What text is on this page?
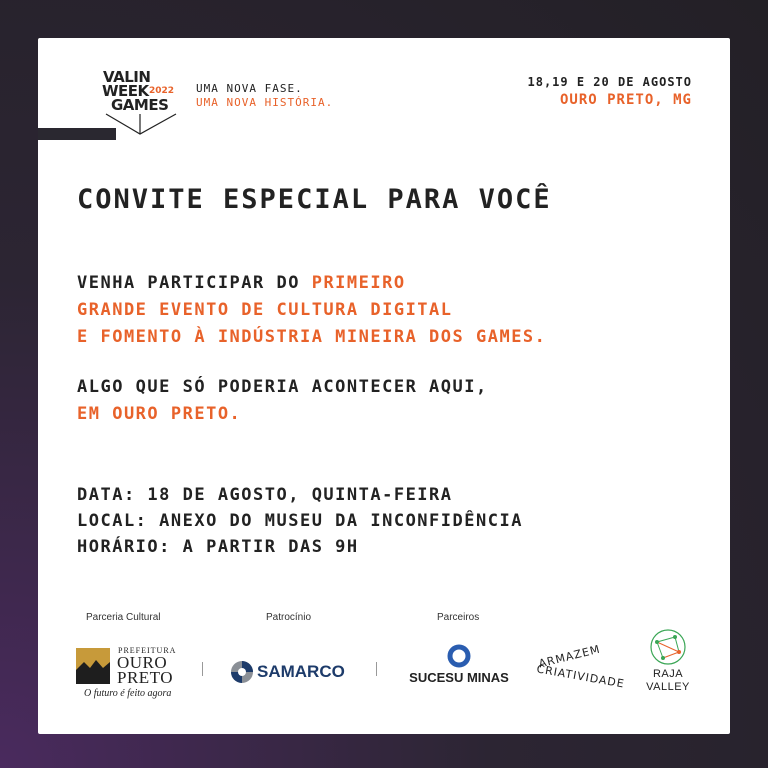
VALIN
WEEK
GAMES
2022 UMA NOVA FASE.
UMA NOVA HISTÓRIA.
18,19 E 20 DE AGOSTO
OURO PRETO, MG
CONVITE ESPECIAL PARA VOCÊ
VENHA PARTICIPAR DO PRIMEIRO
GRANDE EVENTO DE CULTURA DIGITAL
E FOMENTO À INDÚSTRIA MINEIRA DOS GAMES.
ALGO QUE SÓ PODERIA ACONTECER AQUI,
EM OURO PRETO.
DATA: 18 DE AGOSTO, QUINTA-FEIRA
LOCAL: ANEXO DO MUSEU DA INCONFIDÊNCIA
HORÁRIO: A PARTIR DAS 9H
Parceria Cultural	Patrocínio	Parceiros
PREFEITURA
OURO
PRETO
O futuro é feito agora
SAMARCO	SUCESU MINAS
ARMAZEM
CRIATIVIDADE	RAJA
VALLEY
